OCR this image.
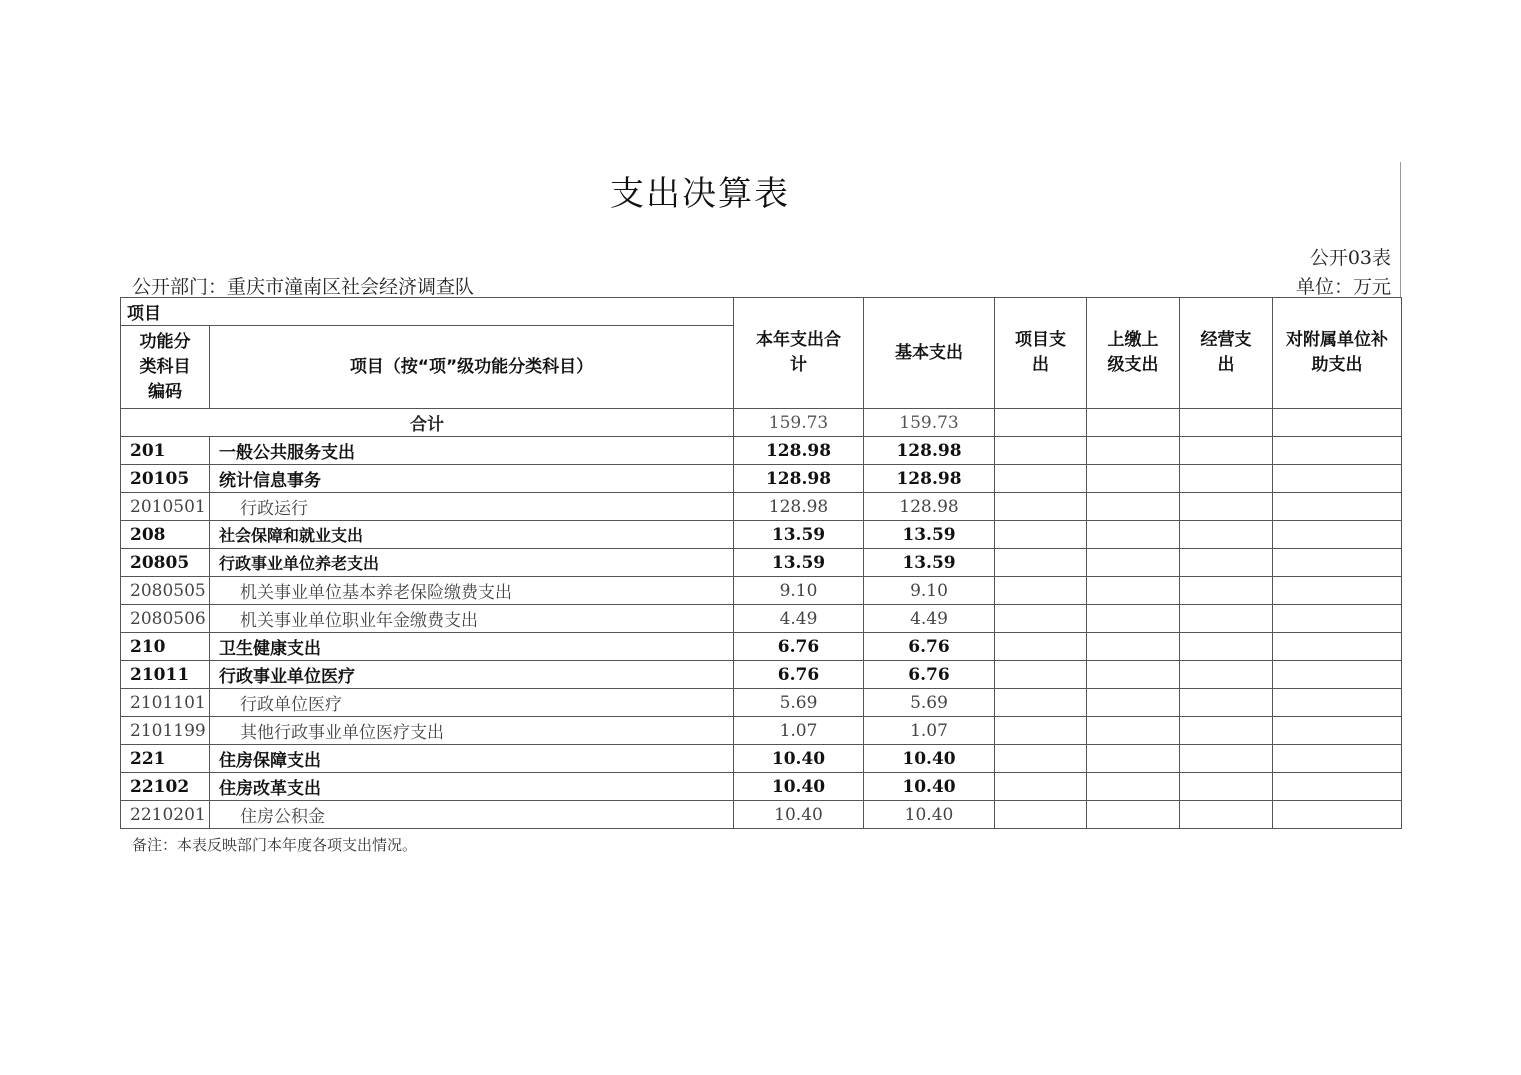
支出决算表
公开03表
公开部门：重庆市潼南区社会经济调查队	单位：万元
项目		本年支出合计	基本支出	项目支出	上缴上级支出	经营支出	对附属单位补助支出
功能分类科目编码	项目（按“项”级功能分类科目）						
合计		159.73	159.73				
201	一般公共服务支出	128.98	128.98				
20105	统计信息事务	128.98	128.98				
2010501	行政运行	128.98	128.98				
208	社会保障和就业支出	13.59	13.59				
20805	行政事业单位养老支出	13.59	13.59				
2080505	机关事业单位基本养老保险缴费支出	9.10	9.10				
2080506	机关事业单位职业年金缴费支出	4.49	4.49				
210	卫生健康支出	6.76	6.76				
21011	行政事业单位医疗	6.76	6.76				
2101101	行政单位医疗	5.69	5.69				
2101199	其他行政事业单位医疗支出	1.07	1.07				
221	住房保障支出	10.40	10.40				
22102	住房改革支出	10.40	10.40				
2210201	住房公积金	10.40	10.40				
备注：本表反映部门本年度各项支出情况。
